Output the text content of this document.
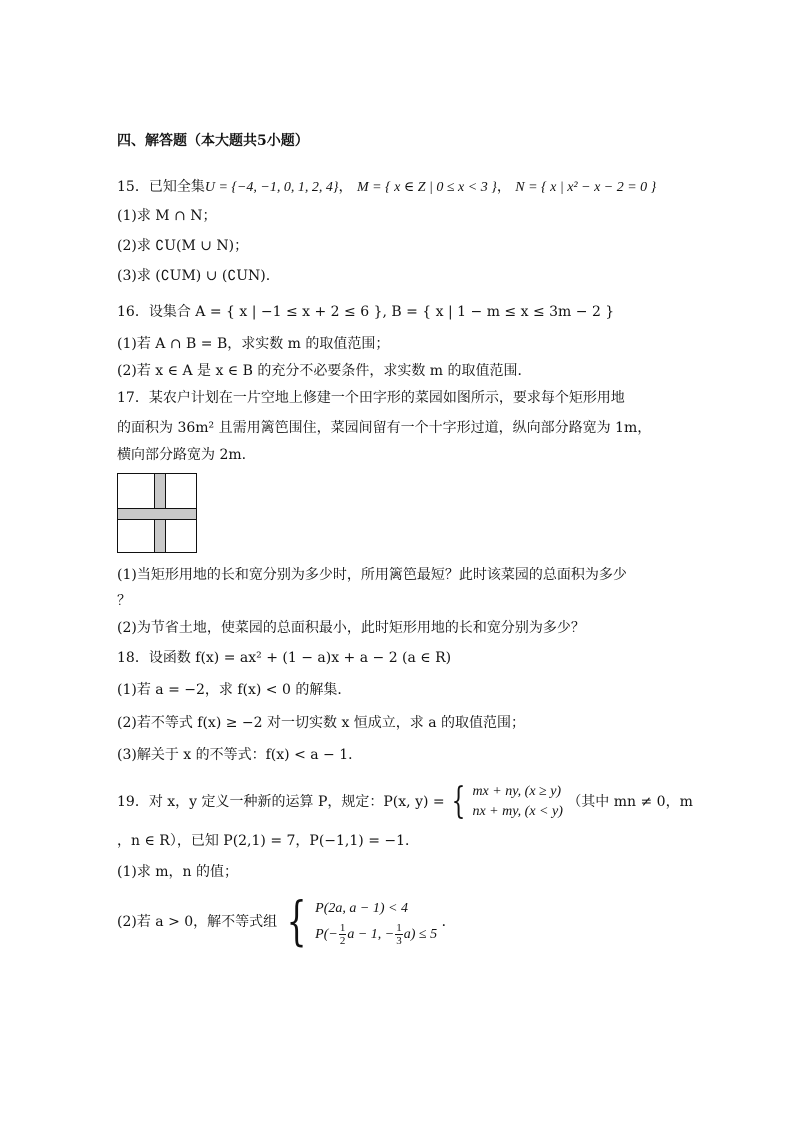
四、解答题（本大题共5小题）
15．已知全集U = {−4, −1, 0, 1, 2, 4}， M = { x ∈ Z | 0 ≤ x < 3 }， N = { x | x² − x − 2 = 0 }
(1)求 M ∩ N；
(2)求 ∁U(M ∪ N)；
(3)求 (∁UM) ∪ (∁UN).
16．设集合 A = { x | −1 ≤ x + 2 ≤ 6 }, B = { x | 1 − m ≤ x ≤ 3m − 2 }
(1)若 A ∩ B = B，求实数 m 的取值范围；
(2)若 x ∈ A 是 x ∈ B 的充分不必要条件，求实数 m 的取值范围．
17．某农户计划在一片空地上修建一个田字形的菜园如图所示，要求每个矩形用地
的面积为 36m² 且需用篱笆围住，菜园间留有一个十字形过道，纵向部分路宽为 1m，
横向部分路宽为 2m.
(1)当矩形用地的长和宽分别为多少时，所用篱笆最短？此时该菜园的总面积为多少
？
(2)为节省土地，使菜园的总面积最小，此时矩形用地的长和宽分别为多少？
18．设函数 f(x) = ax² + (1 − a)x + a − 2 (a ∈ R)
(1)若 a = −2，求 f(x) < 0 的解集．
(2)若不等式 f(x) ≥ −2 对一切实数 x 恒成立，求 a 的取值范围；
(3)解关于 x 的不等式：f(x) < a − 1．
19．对 x，y 定义一种新的运算 P，规定：P(x, y) = { mx + ny, (x ≥ y)
nx + my, (x < y)
（其中 mn ≠ 0，m
，n ∈ R），已知 P(2,1) = 7，P(−1,1) = −1．
(1)求 m，n 的值；
(2)若 a > 0，解不等式组 { P(2a, a − 1) < 4
$P(- \frac{1}{2}$ a − 1, − $\frac{1}{3} a) \le 5$
．
